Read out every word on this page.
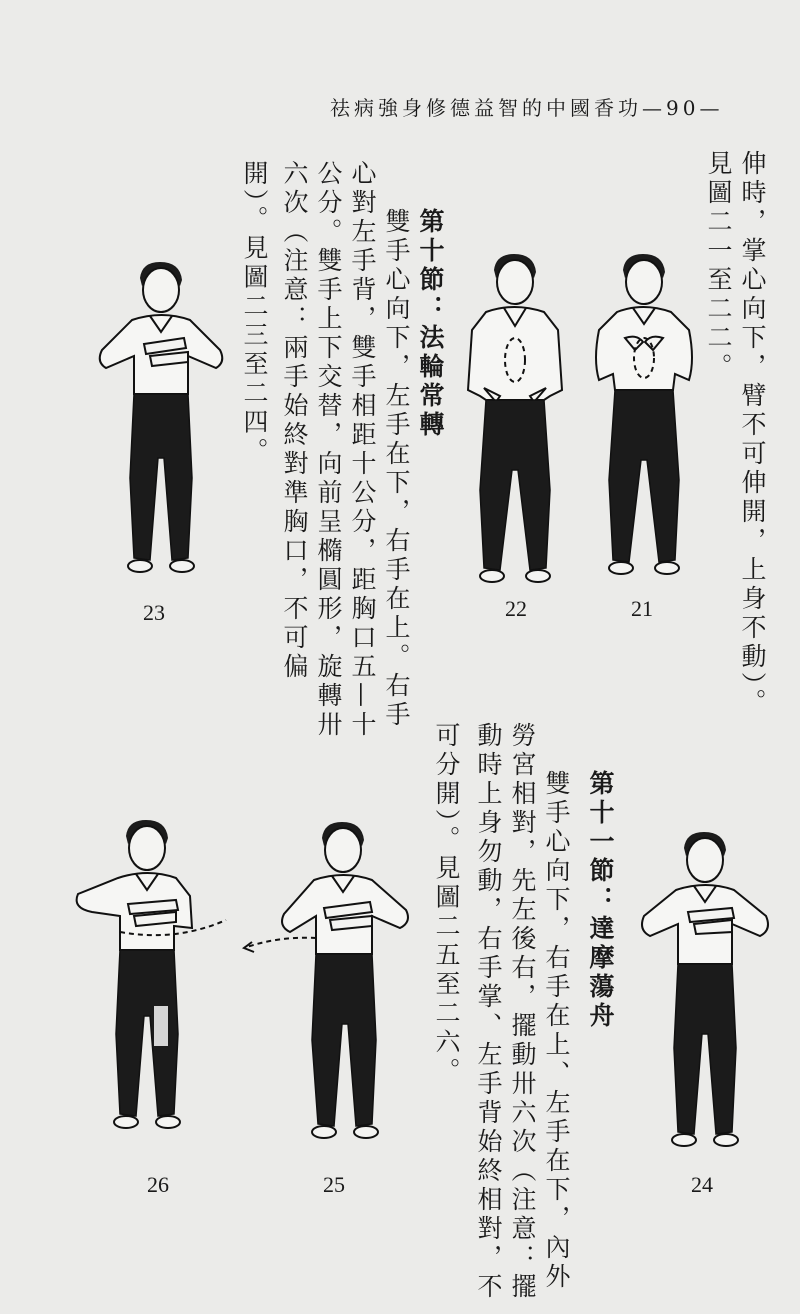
祛病強身修德益智的中國香功—90—
伸時，掌心向下，臂不可伸開，上身不動）。
見圖二一至二二。
第十節：法輪常轉
雙手心向下，左手在下，右手在上。右手
心對左手背，雙手相距十公分，距胸口五—十
公分。雙手上下交替，向前呈橢圓形，旋轉卅
六次（注意：兩手始終對準胸口，不可偏
開）。見圖二三至二四。
第十一節：達摩蕩舟
雙手心向下，右手在上、左手在下，內外
勞宮相對，先左後右，擺動卅六次（注意：擺
動時上身勿動，右手掌、左手背始終相對，不
可分開）。見圖二五至二六。
21
22
23
24
25
26
